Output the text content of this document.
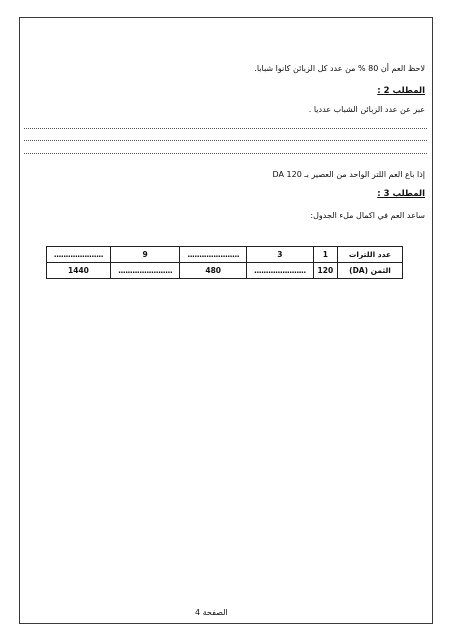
لاحظ العم أن 80 % من عدد كل الزبائن كانوا شبابا.
المطلب 2 :
عبر عن عدد الزبائن الشباب عدديا .
إذا باع العم اللتر الواحد من العصير بـ DA 120
المطلب 3 :
ساعد العم في اكمال ملء الجدول:
عدد اللترات	1	3	......................	9	.....................
الثمن (DA)	120	......................	480	.......................	1440
الصفحة 4
